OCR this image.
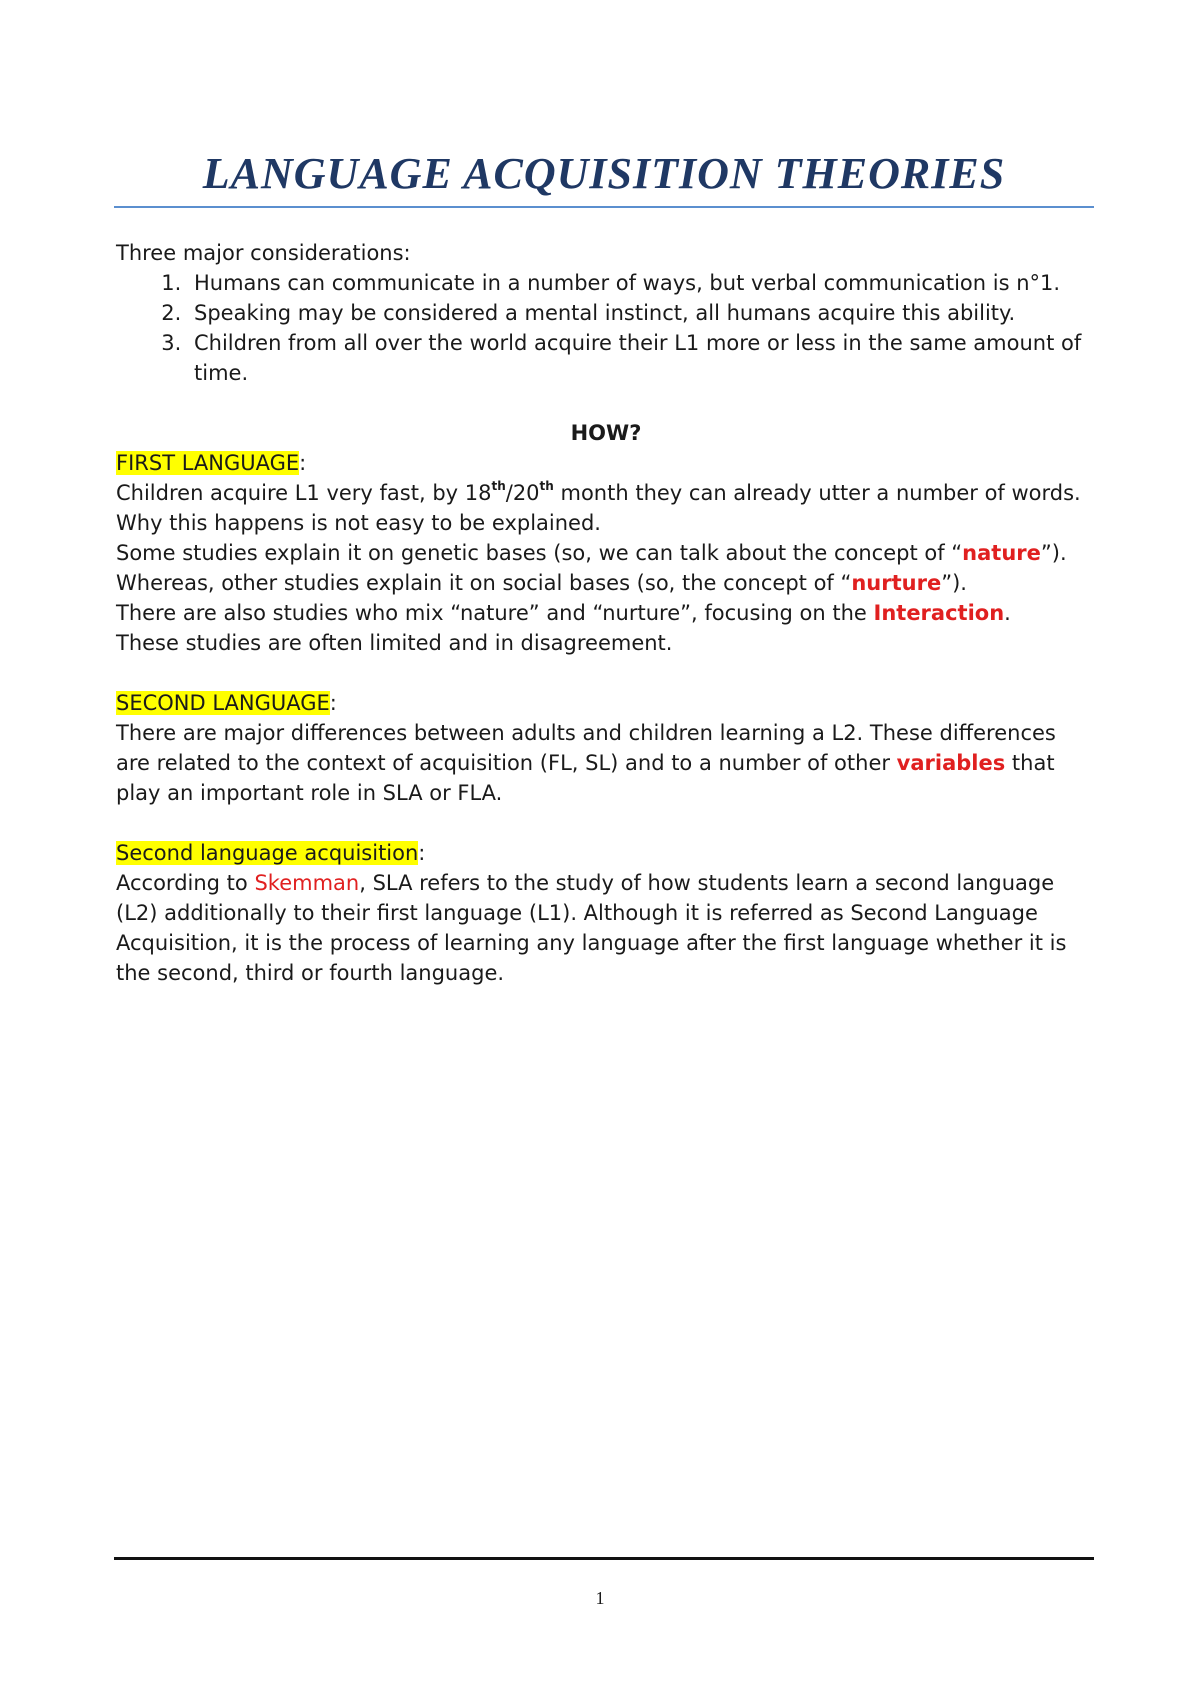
LANGUAGE ACQUISITION THEORIES

Three major considerations:

1. Humans can communicate in a number of ways, but verbal communication is n°1.
2. Speaking may be considered a mental instinct, all humans acquire this ability.
3. Children from all over the world acquire their L1 more or less in the same amount of time.

HOW?

FIRST LANGUAGE:

Children acquire L1 very fast, by 18th/20th month they can already utter a number of words. Why this happens is not easy to be explained.

Some studies explain it on genetic bases (so, we can talk about the concept of “nature”).

Whereas, other studies explain it on social bases (so, the concept of “nurture”).

There are also studies who mix “nature” and “nurture”, focusing on the Interaction.

These studies are often limited and in disagreement.

SECOND LANGUAGE:

There are major differences between adults and children learning a L2. These differences are related to the context of acquisition (FL, SL) and to a number of other variables that play an important role in SLA or FLA.

Second language acquisition:

According to Skemman, SLA refers to the study of how students learn a second language (L2) additionally to their first language (L1). Although it is referred as Second Language Acquisition, it is the process of learning any language after the first language whether it is the second, third or fourth language.

1
